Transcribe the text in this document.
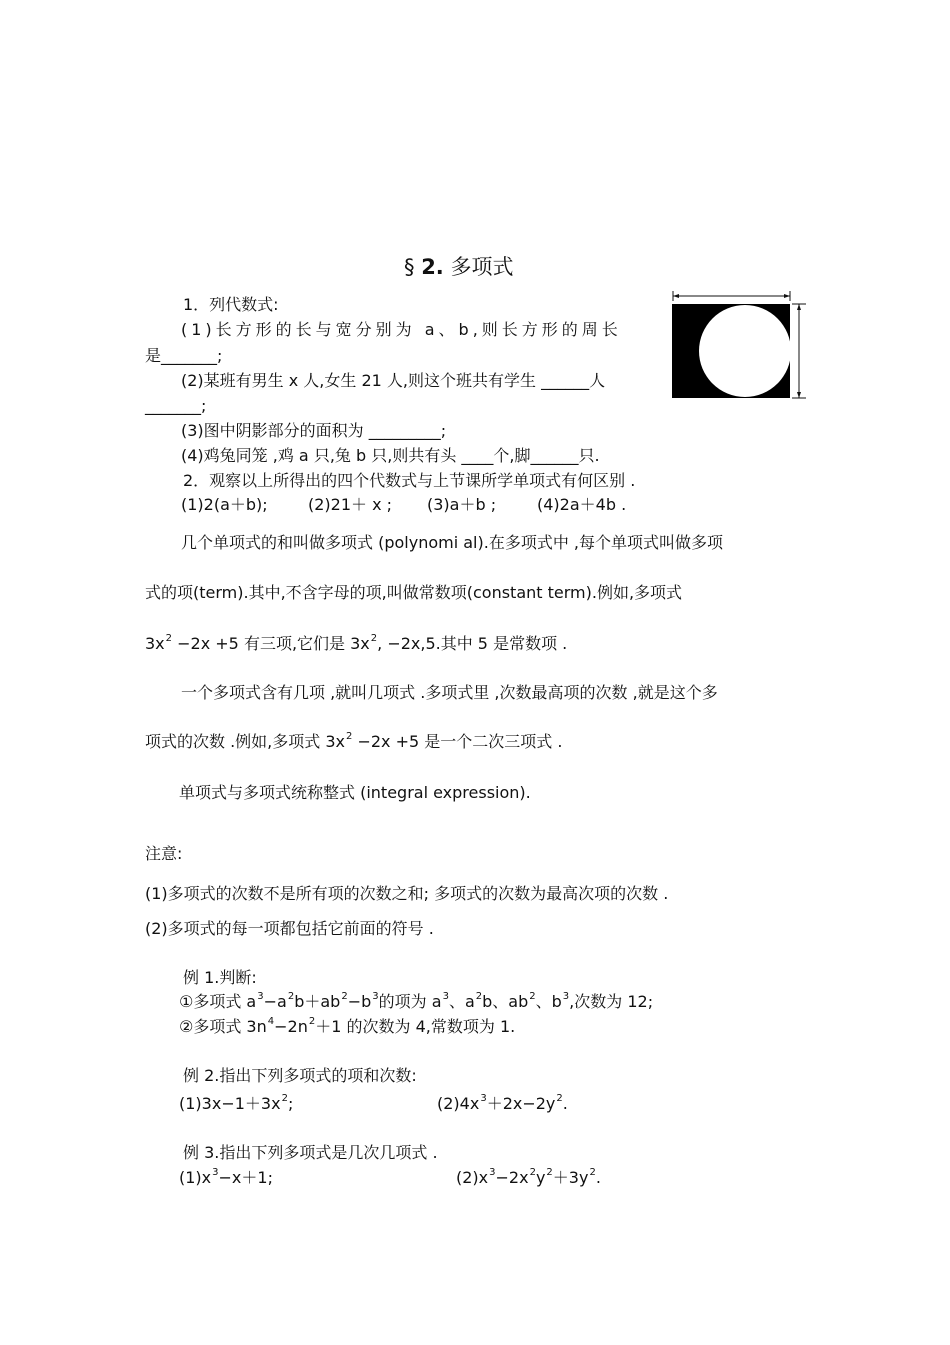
§ 2. 多项式
1．列代数式:
(1)长方形的长与宽分别为 a、b,则长方形的周长
是_______;
(2)某班有男生 x 人,女生 21 人,则这个班共有学生 ______人
_______;
(3)图中阴影部分的面积为 _________;
(4)鸡兔同笼 ,鸡 a 只,兔 b 只,则共有头 ____个,脚______只.
2．观察以上所得出的四个代数式与上节课所学单项式有何区别 .
(1)2(a＋b);	(2)21＋ x ; (3)a＋b ;	(4)2a＋4b .
几个单项式的和叫做多项式 (polynomi al).在多项式中 ,每个单项式叫做多项
式的项(term).其中,不含字母的项,叫做常数项(constant term).例如,多项式
$3x^2 -2x +5$ 有三项,它们是 $3x^2$, −2x,5.其中 5 是常数项 .
一个多项式含有几项 ,就叫几项式 .多项式里 ,次数最高项的次数 ,就是这个多
项式的次数 .例如,多项式 $3x^2 -2x +5$ 是一个二次三项式 .
单项式与多项式统称整式 (integral expression).
注意:
(1)多项式的次数不是所有项的次数之和; 多项式的次数为最高次项的次数 .
(2)多项式的每一项都包括它前面的符号 .
例 1.判断:
①多项式 $a^3-a^2b+ab^2-b^3$的项为 $a^3$、$a^2b$、$ab^2$、$b^3$,次数为 12;
②多项式 $3n^4-2n^2+1$ 的次数为 4,常数项为 1.
例 2.指出下列多项式的项和次数:
$(1)3x-1+3x^2$;	$(2)4x^3+2x-2y^2$.
例 3.指出下列多项式是几次几项式 .
$(1)x^3-x+1$;	$(2)x^3-2x^2y^2+3y^2$.
